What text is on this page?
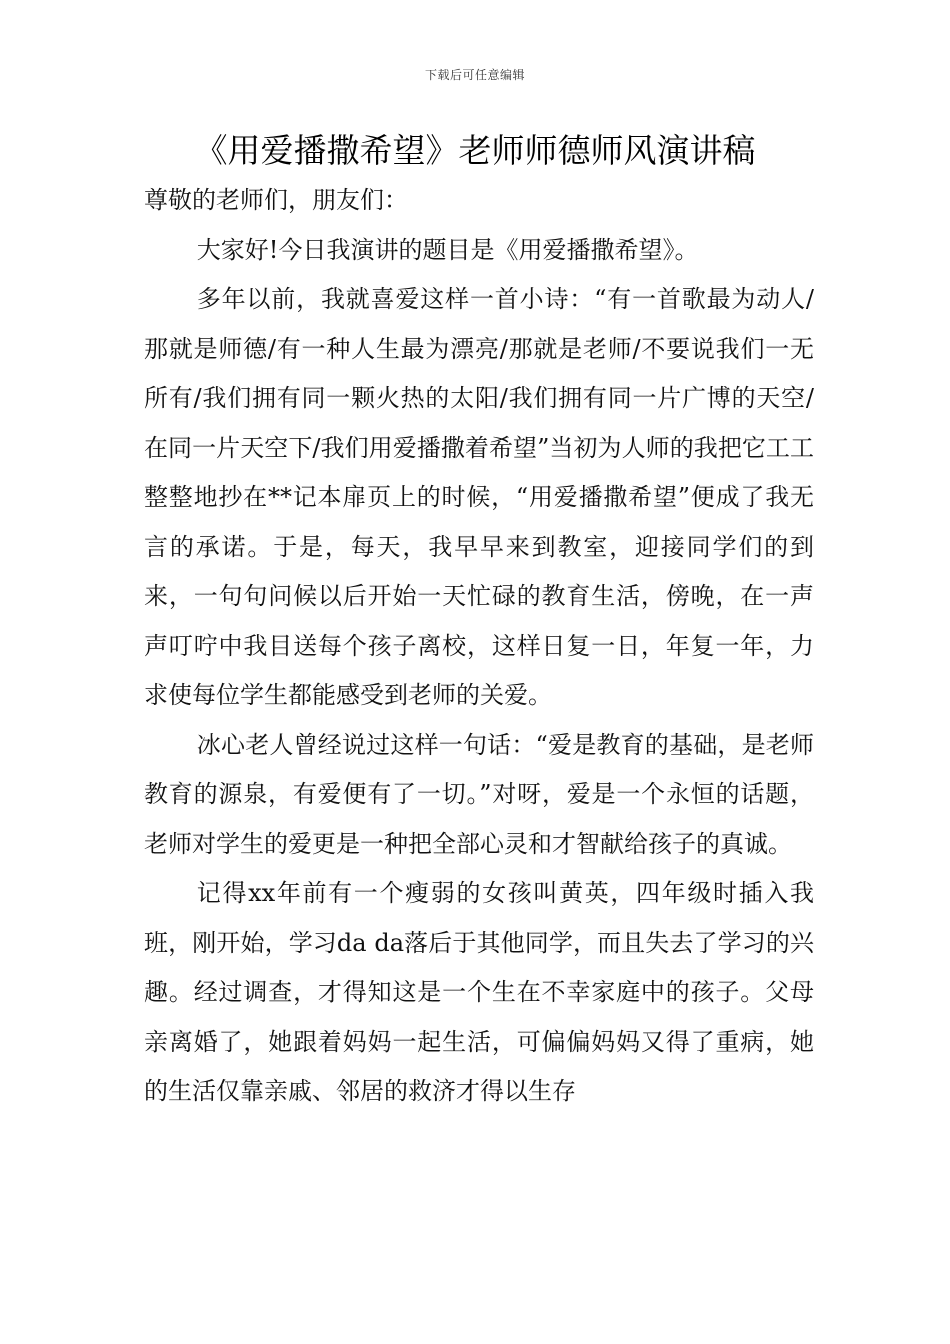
下载后可任意编辑
《用爱播撒希望》老师师德师风演讲稿

尊敬的老师们，朋友们：

大家好!今日我演讲的题目是《用爱播撒希望》。

多年以前，我就喜爱这样一首小诗：“有一首歌最为动人/那就是师德/有一种人生最为漂亮/那就是老师/不要说我们一无所有/我们拥有同一颗火热的太阳/我们拥有同一片广博的天空/在同一片天空下/我们用爱播撒着希望”当初为人师的我把它工工整整地抄在**记本扉页上的时候，“用爱播撒希望”便成了我无言的承诺。于是，每天，我早早来到教室，迎接同学们的到来，一句句问候以后开始一天忙碌的教育生活，傍晚，在一声声叮咛中我目送每个孩子离校，这样日复一日，年复一年，力求使每位学生都能感受到老师的关爱。

冰心老人曾经说过这样一句话：“爱是教育的基础，是老师教育的源泉，有爱便有了一切。”对呀，爱是一个永恒的话题，老师对学生的爱更是一种把全部心灵和才智献给孩子的真诚。

记得xx年前有一个瘦弱的女孩叫黄英，四年级时插入我班，刚开始，学习da da落后于其他同学，而且失去了学习的兴趣。经过调查，才得知这是一个生在不幸家庭中的孩子。父母亲离婚了，她跟着妈妈一起生活，可偏偏妈妈又得了重病，她的生活仅靠亲戚、邻居的救济才得以生存
